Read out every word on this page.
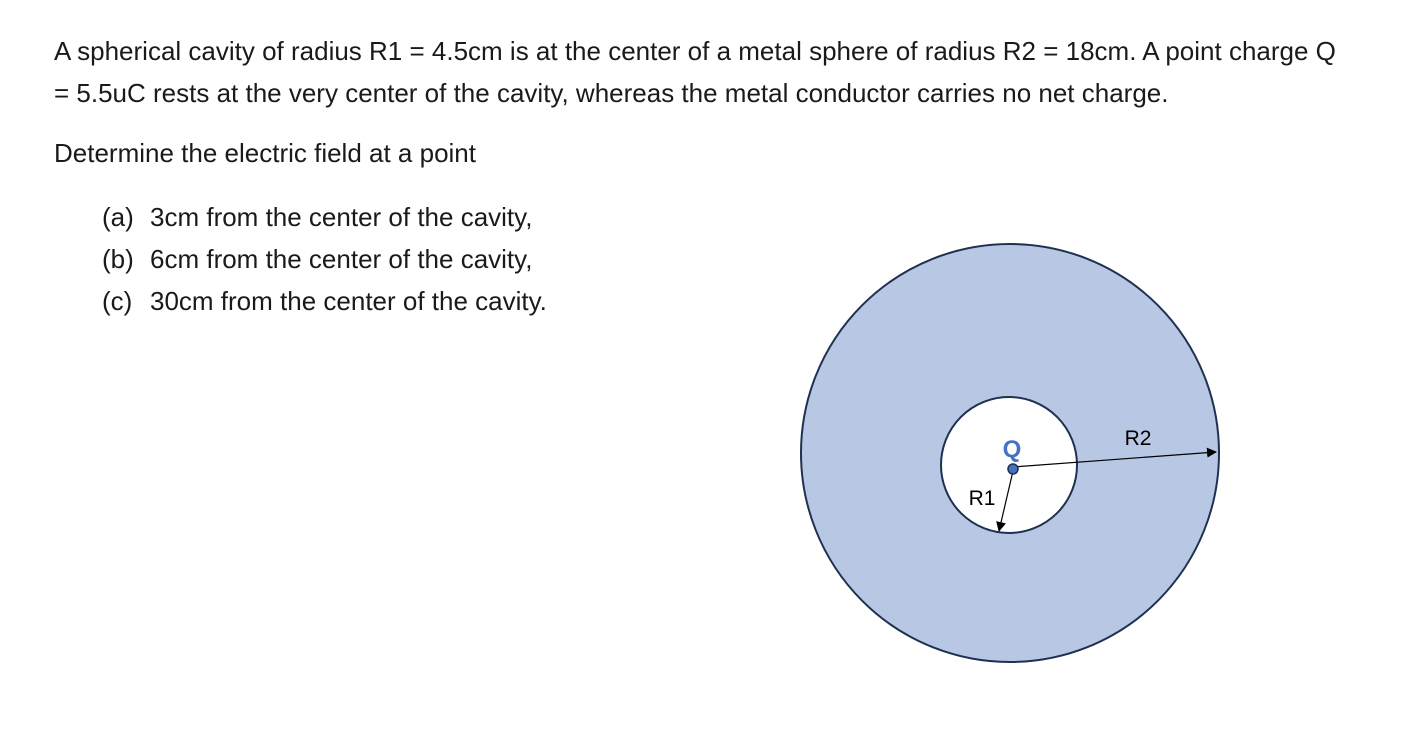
A spherical cavity of radius R1 = 4.5cm is at the center of a metal sphere of radius R2 = 18cm. A point charge Q = 5.5uC rests at the very center of the cavity, whereas the metal conductor carries no net charge.

Determine the electric field at a point

(a) 3cm from the center of the cavity,
(b) 6cm from the center of the cavity,
(c) 30cm from the center of the cavity.
Q
R1
R2
